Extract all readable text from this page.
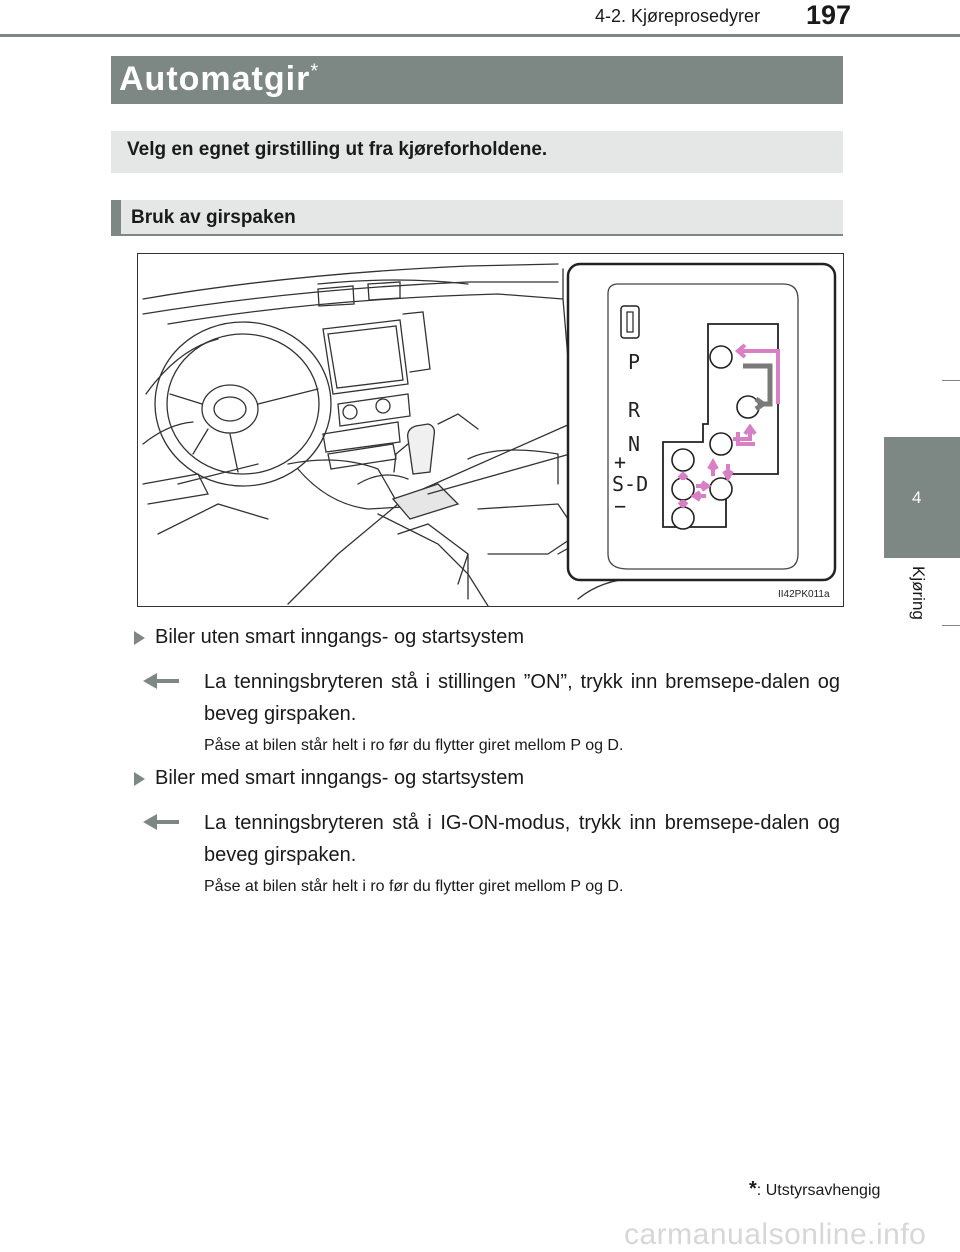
4-2. Kjøreprosedyrer 197
Automatgir*
Velg en egnet girstilling ut fra kjøreforholdene.
Bruk av girspaken
P
R
N
+
S-D
−
II42PK011a
4
Kjøring
Biler uten smart inngangs- og startsystem
La tenningsbryteren stå i stillingen ”ON”, trykk inn bremsepe-dalen og beveg girspaken.
Påse at bilen står helt i ro før du flytter giret mellom P og D.
Biler med smart inngangs- og startsystem
La tenningsbryteren stå i IG-ON-modus, trykk inn bremsepe-dalen og beveg girspaken.
Påse at bilen står helt i ro før du flytter giret mellom P og D.
*: Utstyrsavhengig
carmanualsonline.info
